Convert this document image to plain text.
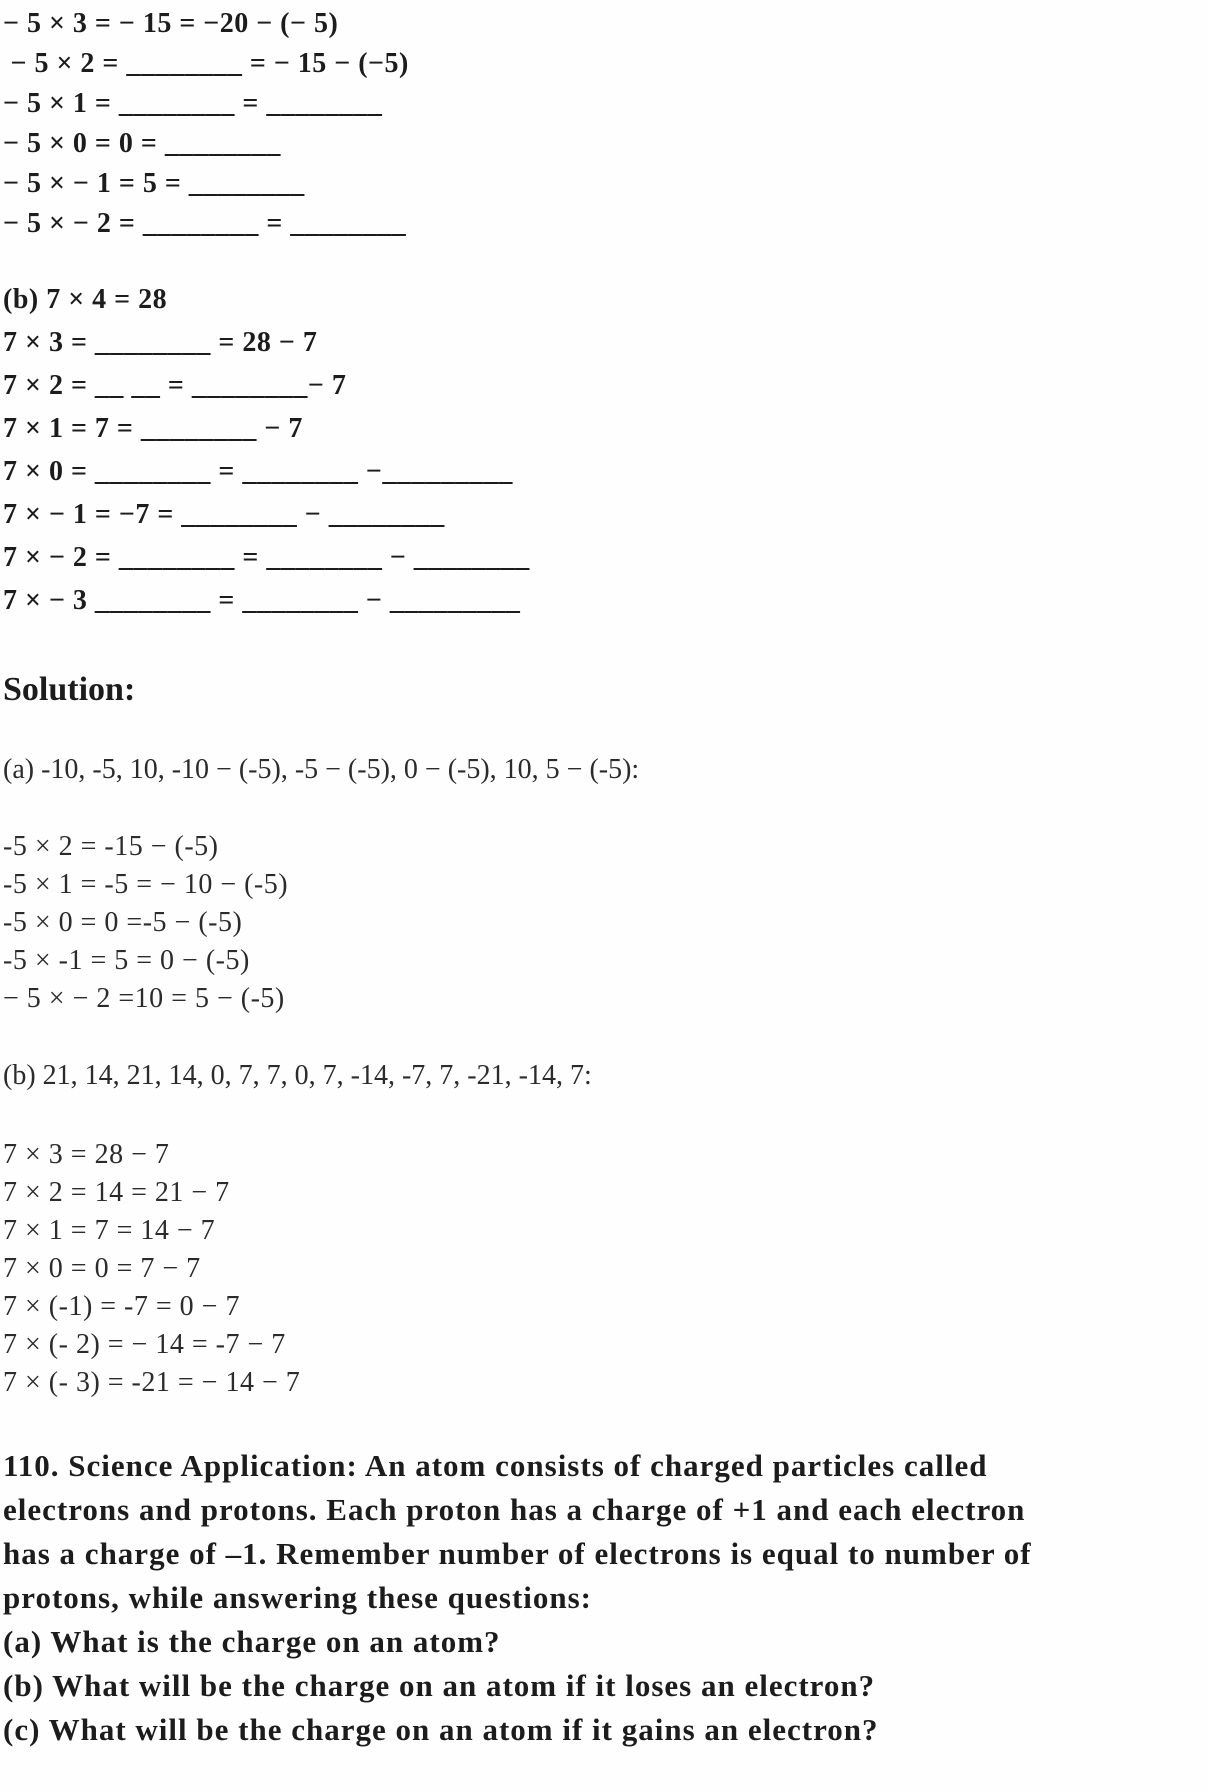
− 5 × 3 = − 15 = −20 − (− 5)
− 5 × 2 = ________ = − 15 − (−5)
− 5 × 1 = ________ = ________
− 5 × 0 = 0 = ________
− 5 × − 1 = 5 = ________
− 5 × − 2 = ________ = ________
(b) 7 × 4 = 28
7 × 3 = ________ = 28 − 7
7 × 2 = __ __ = ________− 7
7 × 1 = 7 = ________ − 7
7 × 0 = ________ = ________ −_________
7 × − 1 = −7 = ________ − ________
7 × − 2 = ________ = ________ − ________
7 × − 3 ________ = ________ − _________
Solution:
(a) -10, -5, 10, -10 − (-5), -5 − (-5), 0 − (-5), 10, 5 − (-5):
-5 × 2 = -15 − (-5)
-5 × 1 = -5 = − 10 − (-5)
-5 × 0 = 0 =-5 − (-5)
-5 × -1 = 5 = 0 − (-5)
− 5 × − 2 =10 = 5 − (-5)
(b) 21, 14, 21, 14, 0, 7, 7, 0, 7, -14, -7, 7, -21, -14, 7:
7 × 3 = 28 − 7
7 × 2 = 14 = 21 − 7
7 × 1 = 7 = 14 − 7
7 × 0 = 0 = 7 − 7
7 × (-1) = -7 = 0 − 7
7 × (- 2) = − 14 = -7 − 7
7 × (- 3) = -21 = − 14 − 7
110. Science Application: An atom consists of charged particles called
electrons and protons. Each proton has a charge of +1 and each electron
has a charge of –1. Remember number of electrons is equal to number of
protons, while answering these questions:
(a) What is the charge on an atom?
(b) What will be the charge on an atom if it loses an electron?
(c) What will be the charge on an atom if it gains an electron?
